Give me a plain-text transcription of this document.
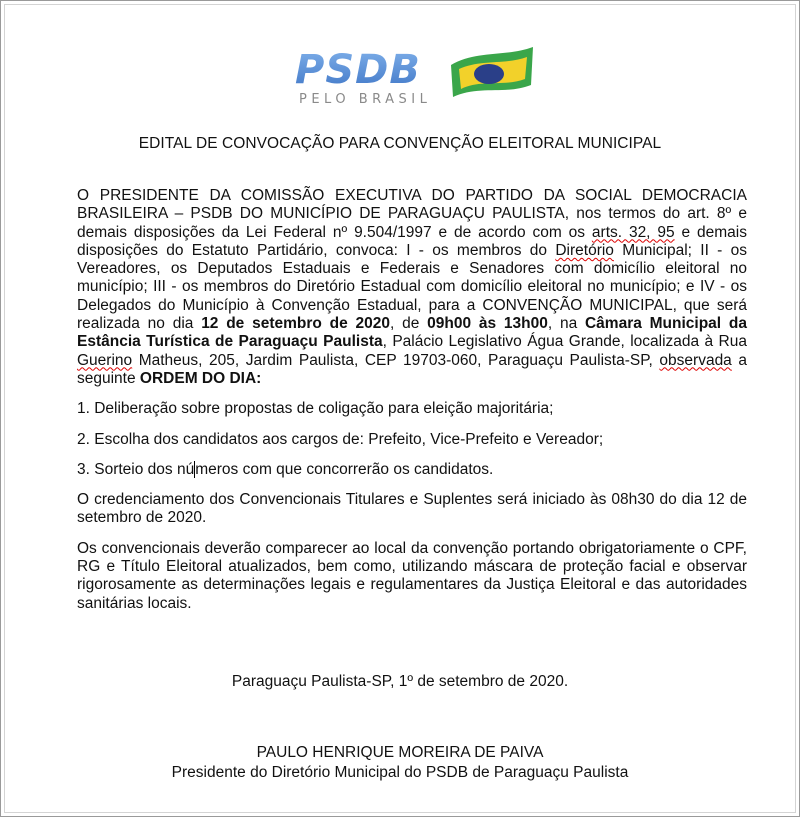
PSDB
PELO BRASIL
EDITAL DE CONVOCAÇÃO PARA CONVENÇÃO ELEITORAL MUNICIPAL

O PRESIDENTE DA COMISSÃO EXECUTIVA DO PARTIDO DA SOCIAL DEMOCRACIA BRASILEIRA – PSDB DO MUNICÍPIO DE PARAGUAÇU PAULISTA, nos termos do art. 8º e demais disposições da Lei Federal nº 9.504/1997 e de acordo com os arts. 32, 95 e demais disposições do Estatuto Partidário, convoca: I - os membros do Diretório Municipal; II - os Vereadores, os Deputados Estaduais e Federais e Senadores com domicílio eleitoral no município; III - os membros do Diretório Estadual com domicílio eleitoral no município; e IV - os Delegados do Município à Convenção Estadual, para a CONVENÇÃO MUNICIPAL, que será realizada no dia 12 de setembro de 2020, de 09h00 às 13h00, na Câmara Municipal da Estância Turística de Paraguaçu Paulista, Palácio Legislativo Água Grande, localizada à Rua Guerino Matheus, 205, Jardim Paulista, CEP 19703-060, Paraguaçu Paulista-SP, observada a seguinte ORDEM DO DIA:

1. Deliberação sobre propostas de coligação para eleição majoritária;

2. Escolha dos candidatos aos cargos de: Prefeito, Vice-Prefeito e Vereador;

3. Sorteio dos números com que concorrerão os candidatos.

O credenciamento dos Convencionais Titulares e Suplentes será iniciado às 08h30 do dia 12 de setembro de 2020.

Os convencionais deverão comparecer ao local da convenção portando obrigatoriamente o CPF, RG e Título Eleitoral atualizados, bem como, utilizando máscara de proteção facial e observar rigorosamente as determinações legais e regulamentares da Justiça Eleitoral e das autoridades sanitárias locais.

Paraguaçu Paulista-SP, 1º de setembro de 2020.
PAULO HENRIQUE MOREIRA DE PAIVA
Presidente do Diretório Municipal do PSDB de Paraguaçu Paulista
